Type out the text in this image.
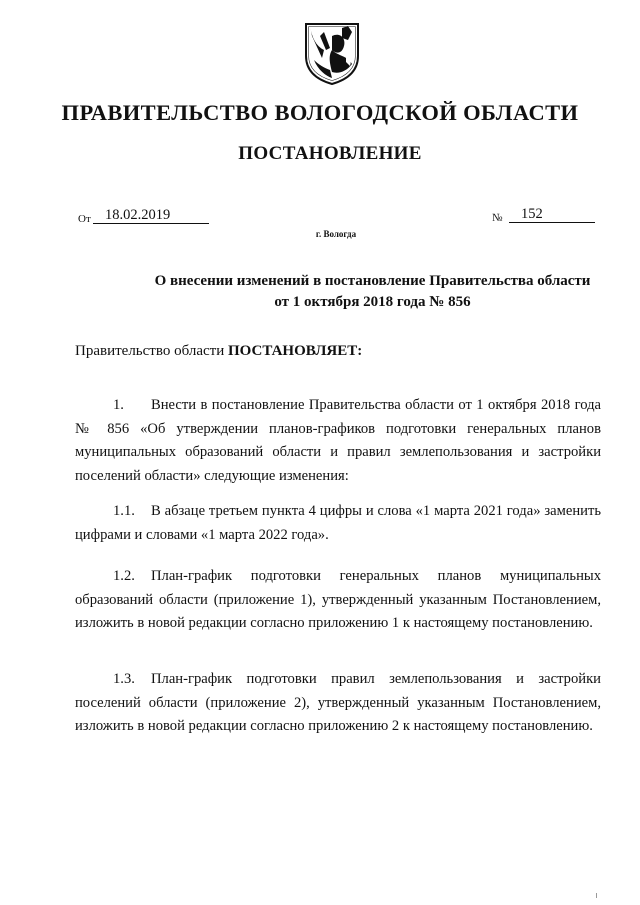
ПРАВИТЕЛЬСТВО ВОЛОГОДСКОЙ ОБЛАСТИ
ПОСТАНОВЛЕНИЕ
От 18.02.2019	№ 152
г. Вологда
О внесении изменений в постановление Правительства области
от 1 октября 2018 года № 856
Правительство области ПОСТАНОВЛЯЕТ:

1. Внести в постановление Правительства области от 1 октября 2018 года № 856 «Об утверждении планов-графиков подготовки генеральных планов муниципальных образований области и правил землепользования и застройки поселений области» следующие изменения:

1.1. В абзаце третьем пункта 4 цифры и слова «1 марта 2021 года» заменить цифрами и словами «1 марта 2022 года».

1.2. План-график подготовки генеральных планов муниципальных образований области (приложение 1), утвержденный указанным Постановлением, изложить в новой редакции согласно приложению 1 к настоящему постановлению.

1.3. План-график подготовки правил землепользования и застройки поселений области (приложение 2), утвержденный указанным Постановлением, изложить в новой редакции согласно приложению 2 к настоящему постановлению.
